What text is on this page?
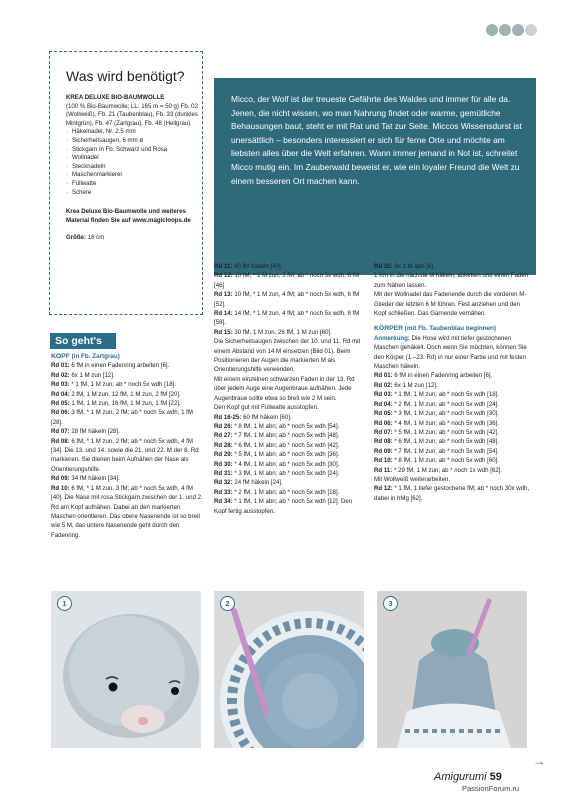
Was wird benötigt?
KREA DELUXE BIO-BAUMWOLLE
(100 % Bio-Baumwolle; LL: 165 m = 50 g) Fb. 02 (Wollweiß), Fb. 21 (Taubenblau), Fb. 33 (dunkles Mintgrün), Fb. 47 (Zartgrau), Fb. 48 (Hellgrau)
· Häkelnadel, Nr. 2.5 mm
· Sicherheitsaugen, 6 mm ø
· Stickgarn in Fb. Schwarz und Rosa
· Wollnadel
· Stecknadeln
· Maschenmarkierer
· Füllwatte
· Schere
Krea Deluxe Bio-Baumwolle und weiteres Material finden Sie auf www.magicloops.de
Größe: 16 cm
Micco, der Wolf ist der treueste Gefährte des Waldes und immer für alle da. Jenen, die nicht wissen, wo man Nahrung findet oder warme, gemütliche Behausungen baut, steht er mit Rat und Tat zur Seite. Miccos Wissensdurst ist unersättlich – besonders interessiert er sich für ferne Orte und möchte am liebsten alles über die Welt erfahren. Wann immer jemand in Not ist, schreitet Micco mutig ein. Im Zauberwald beweist er, wie ein loyaler Freund die Welt zu einem besseren Ort machen kann.
So geht's

KOPF (in Fb. Zartgrau)

Rd 01: 6 fM in einen Fadenring arbeiten [6].

Rd 02: 6x 1 M zun [12].

Rd 03: * 1 fM, 1 M zun; ab * noch 5x wdh [18].

Rd 04: 2 fM, 1 M zun, 12 fM, 1 M zun, 2 fM [20].

Rd 05: 1 fM, 1 M zun, 16 fM, 1 M zun, 1 fM [22].

Rd 06: 3 fM, * 1 M zun, 2 fM; ab * noch 5x wdh, 1 fM [28].

Rd 07: 28 fM häkeln [28].

Rd 08: 6 fM, * 1 M zun, 2 fM; ab * noch 5x wdh, 4 fM [34]. Die 13. und 14. sowie die 21. und 22. M der 8. Rd markieren. Sie dienen beim Aufnähen der Nase als Orientierungshilfe.

Rd 09: 34 fM häkeln [34].

Rd 10: 6 fM, * 1 M zun, 3 fM; ab * noch 5x wdh, 4 fM [40]. Die Nase mit rosa Stickgarn zwischen der 1. und 2. Rd am Kopf aufnähen. Dabei an den markierten Maschen orientieren. Das obere Nasenende ist so breit wie 5 M, das untere Nasenende geht durch den Fadenring.

Rd 11: 40 fM häkeln [40].

Rd 12: 10 fM, * 1 M zun, 3 fM; ab * noch 5x wdh, 6 fM [46]

Rd 13: 10 fM, * 1 M zun, 4 fM; ab * noch 5x wdh, 6 fM [52].

Rd 14: 14 fM, * 1 M zun, 4 fM; ab * noch 5x wdh, 8 fM [58].

Rd 15: 30 fM, 1 M zun, 26 fM, 1 M zun [60].

Die Sicherheitsaugen zwischen der 10. und 11. Rd mit einem Abstand von 14 M einsetzen (Bild 01). Beim Positionieren der Augen die markierten M als Orientierungshilfe verwenden.

Mit einem einzelnen schwarzen Faden in der 13. Rd über jedem Auge eine Augenbraue aufnähen. Jede Augenbraue sollte etwa so breit wie 2 M sein.

Den Kopf gut mit Füllwatte ausstopfen.

Rd 16-25: 60 fM häkeln [60].

Rd 26: * 8 fM, 1 M abn; ab * noch 5x wdh [54].

Rd 27: * 7 fM, 1 M abn; ab * noch 5x wdh [48].

Rd 28: * 6 fM, 1 M abn; ab * noch 5x wdh [42].

Rd 29: * 5 fM, 1 M abn; ab * noch 5x wdh [36].

Rd 30: * 4 fM, 1 M abn; ab * noch 5x wdh [30].

Rd 31: * 3 fM, 1 M abn; ab * noch 5x wdh [24].

Rd 32: 24 fM häkeln [24].

Rd 33: * 2 fM, 1 M abn; ab * noch 5x wdh [18].

Rd 34: * 1 fM, 1 M abn; ab * noch 5x wdh [12]. Den Kopf fertig ausstopfen.

Rd 35: 6x 1 M abn [6].

1 Km in die nächste M häkeln, abketten und einen Faden zum Nähen lassen.

Mit der Wollnadel das Fadenende durch die vorderen M-Glieder der letzten 6 M führen. Fest anziehen und den Kopf schließen. Das Garnende vernähen.

KÖRPER (mit Fb. Taubenblau beginnen)

Anmerkung: Die Hose wird mit tiefer gestochenen Maschen gehäkelt. Doch wenn Sie möchten, können Sie den Körper (1.–23. Rd) in nur einer Farbe und mit festen Maschen häkeln.

Rd 01: 6 fM in einen Fadenring arbeiten [6].

Rd 02: 6x 1 M zun [12].

Rd 03: * 1 fM, 1 M zun; ab * noch 5x wdh [18].

Rd 04: * 2 fM, 1 M zun; ab * noch 5x wdh [24].

Rd 05: * 3 fM, 1 M zun; ab * noch 5x wdh [30].

Rd 06: * 4 fM, 1 M zun; ab * noch 5x wdh [36].

Rd 07: * 5 fM, 1 M zun; ab * noch 5x wdh [42].

Rd 08: * 6 fM, 1 M zun; ab * noch 5x wdh [48].

Rd 09: * 7 fM, 1 M zun; ab * noch 5x wdh [54].

Rd 10: * 8 fM, 1 M zun; ab * noch 5x wdh [60].

Rd 11: * 29 fM, 1 M zun; ab * noch 1x wdh [62].

Mit Wollweiß weiterarbeiten.

Rd 12: * 1 fM, 1 tiefer gestochene fM; ab * noch 30x wdh, dabei in hMg [62].

1	2	3
→
Amigurumi 59
PassionForum.ru
